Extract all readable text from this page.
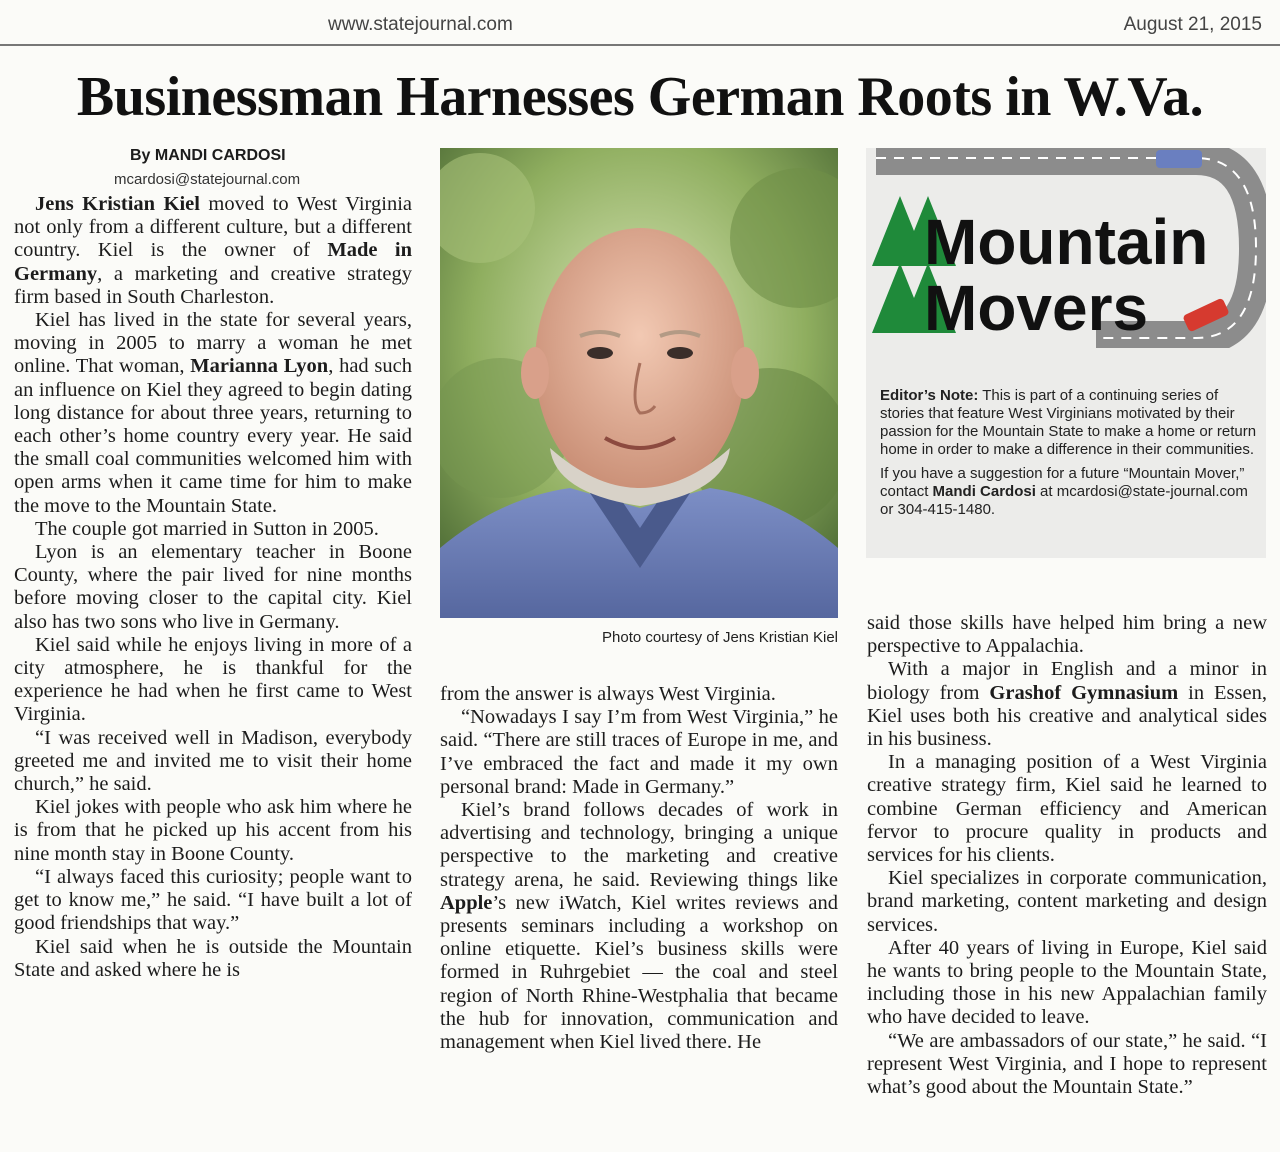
www.statejournal.com	August 21, 2015
Businessman Harnesses German Roots in W.Va.
By MANDI CARDOSI
mcardosi@statejournal.com

Jens Kristian Kiel moved to West Virginia not only from a different culture, but a different country. Kiel is the owner of Made in Germany, a marketing and creative strategy firm based in South Charleston.

Kiel has lived in the state for several years, moving in 2005 to marry a woman he met online. That woman, Marianna Lyon, had such an influence on Kiel they agreed to begin dating long distance for about three years, returning to each other’s home country every year. He said the small coal communities welcomed him with open arms when it came time for him to make the move to the Mountain State.

The couple got married in Sutton in 2005.

Lyon is an elementary teacher in Boone County, where the pair lived for nine months before moving closer to the capital city. Kiel also has two sons who live in Germany.

Kiel said while he enjoys living in more of a city atmosphere, he is thankful for the experience he had when he first came to West Virginia.

“I was received well in Madison, everybody greeted me and invited me to visit their home church,” he said.

Kiel jokes with people who ask him where he is from that he picked up his accent from his nine month stay in Boone County.

“I always faced this curiosity; people want to get to know me,” he said. “I have built a lot of good friendships that way.”

Kiel said when he is outside the Mountain State and asked where he is

Photo courtesy of Jens Kristian Kiel

from the answer is always West Virginia.

“Nowadays I say I’m from West Virginia,” he said. “There are still traces of Europe in me, and I’ve embraced the fact and made it my own personal brand: Made in Germany.”

Kiel’s brand follows decades of work in advertising and technology, bringing a unique perspective to the marketing and creative strategy arena, he said. Reviewing things like Apple’s new iWatch, Kiel writes reviews and presents seminars including a workshop on online etiquette. Kiel’s business skills were formed in Ruhrgebiet — the coal and steel region of North Rhine-Westphalia that became the hub for innovation, communication and management when Kiel lived there. He

Mountain
Movers

Editor’s Note: This is part of a continuing series of stories that feature West Virginians motivated by their passion for the Mountain State to make a home or return home in order to make a difference in their communities.

If you have a suggestion for a future “Mountain Mover,” contact Mandi Cardosi at mcardosi@state-journal.com or 304-415-1480.

said those skills have helped him bring a new perspective to Appalachia.

With a major in English and a minor in biology from Grashof Gymnasium in Essen, Kiel uses both his creative and analytical sides in his business.

In a managing position of a West Virginia creative strategy firm, Kiel said he learned to combine German efficiency and American fervor to procure quality in products and services for his clients.

Kiel specializes in corporate communication, brand marketing, content marketing and design services.

After 40 years of living in Europe, Kiel said he wants to bring people to the Mountain State, including those in his new Appalachian family who have decided to leave.

“We are ambassadors of our state,” he said. “I represent West Virginia, and I hope to represent what’s good about the Mountain State.”
